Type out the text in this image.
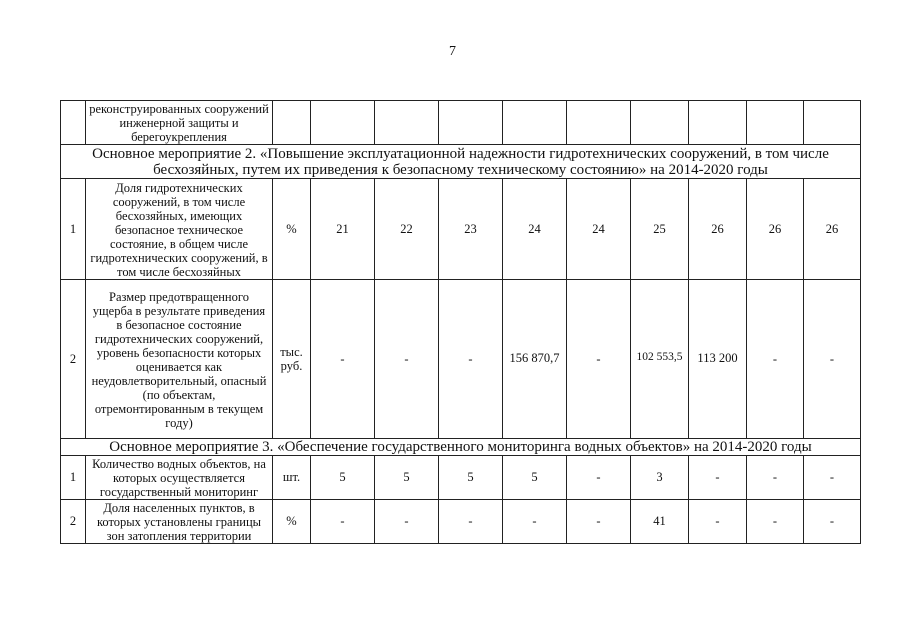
7
	реконструированных сооружений инженерной защиты и берегоукрепления										
Основное мероприятие 2. «Повышение эксплуатационной надежности гидротехнических сооружений, в том числе бесхозяйных, путем их приведения к безопасному техническому состоянию» на 2014-2020 годы											
1	Доля гидротехнических сооружений, в том числе бесхозяйных, имеющих безопасное техническое состояние, в общем числе гидротехнических сооружений, в том числе бесхозяйных	%	21	22	23	24	24	25	26	26	26
2	Размер предотвращенного ущерба в результате приведения в безопасное состояние гидротехнических сооружений, уровень безопасности которых оценивается как неудовлетворительный, опасный (по объектам, отремонтированным в текущем году)	тыс. руб.	-	-	-	156 870,7	-	102 553,5	113 200	-	-
Основное мероприятие 3. «Обеспечение государственного мониторинга водных объектов» на 2014-2020 годы											
1	Количество водных объектов, на которых осуществляется государственный мониторинг	шт.	5	5	5	5	-	3	-	-	-
2	Доля населенных пунктов, в которых установлены границы зон затопления территории	%	-	-	-	-	-	41	-	-	-
